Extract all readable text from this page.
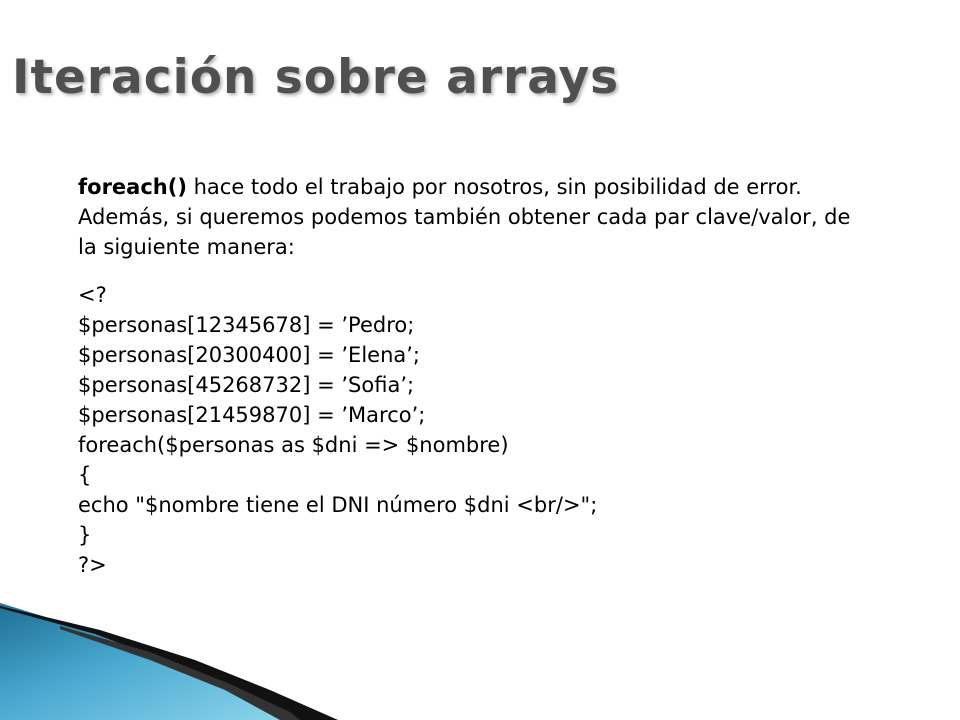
Iteración sobre arrays

foreach() hace todo el trabajo por nosotros, sin posibilidad de error. Además, si queremos podemos también obtener cada par clave/valor, de la siguiente manera:

<?

$personas[12345678] = ’Pedro;

$personas[20300400] = ’Elena’;

$personas[45268732] = ’Sofia’;

$personas[21459870] = ’Marco’;

foreach($personas as $dni => $nombre)

{

echo "$nombre tiene el DNI número $dni <br/>";

}

?>
